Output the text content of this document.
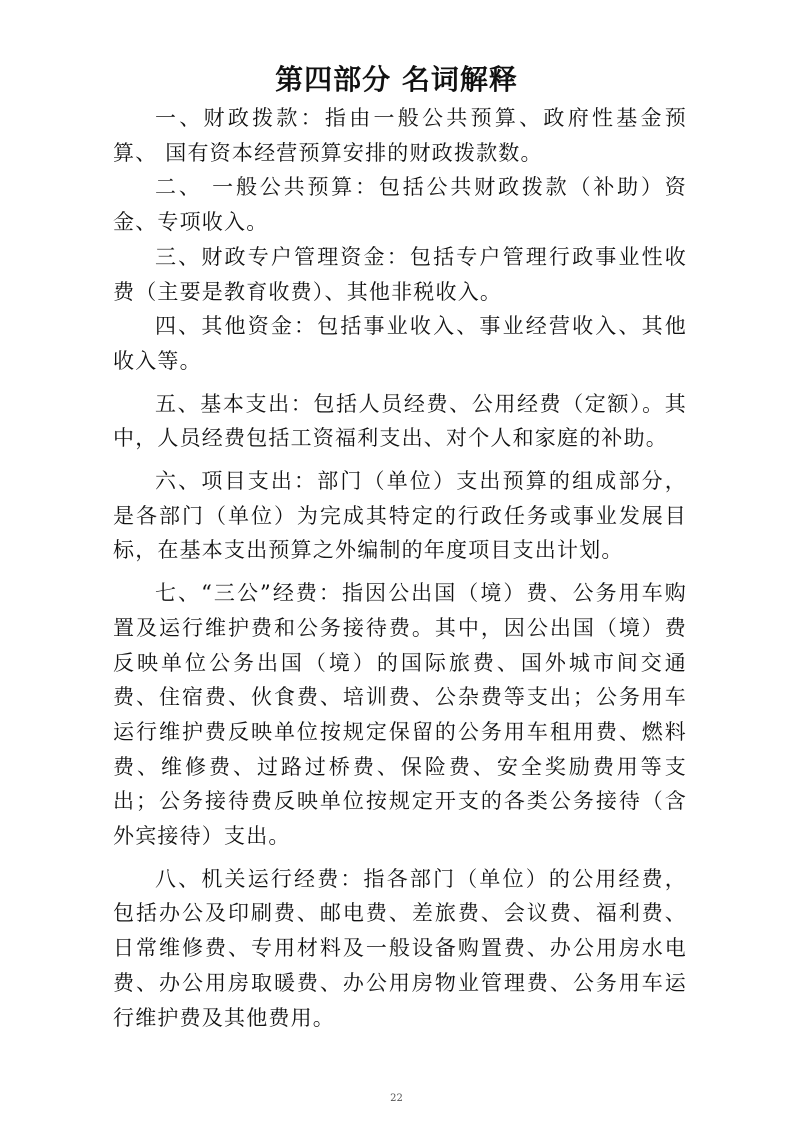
第四部分 名词解释

一、财政拨款：指由一般公共预算、政府性基金预算、 国有资本经营预算安排的财政拨款数。

二、 一般公共预算：包括公共财政拨款（补助）资金、专项收入。

三、财政专户管理资金：包括专户管理行政事业性收费（主要是教育收费）、其他非税收入。

四、其他资金：包括事业收入、事业经营收入、其他收入等。

五、基本支出：包括人员经费、公用经费（定额）。其中，人员经费包括工资福利支出、对个人和家庭的补助。

六、项目支出：部门（单位）支出预算的组成部分，是各部门（单位）为完成其特定的行政任务或事业发展目标，在基本支出预算之外编制的年度项目支出计划。

七、“三公”经费：指因公出国（境）费、公务用车购置及运行维护费和公务接待费。其中，因公出国（境）费反映单位公务出国（境）的国际旅费、国外城市间交通费、住宿费、伙食费、培训费、公杂费等支出；公务用车运行维护费反映单位按规定保留的公务用车租用费、燃料费、维修费、过路过桥费、保险费、安全奖励费用等支出；公务接待费反映单位按规定开支的各类公务接待（含外宾接待）支出。

八、机关运行经费：指各部门（单位）的公用经费，包括办公及印刷费、邮电费、差旅费、会议费、福利费、日常维修费、专用材料及一般设备购置费、办公用房水电费、办公用房取暖费、办公用房物业管理费、公务用车运行维护费及其他费用。

22
